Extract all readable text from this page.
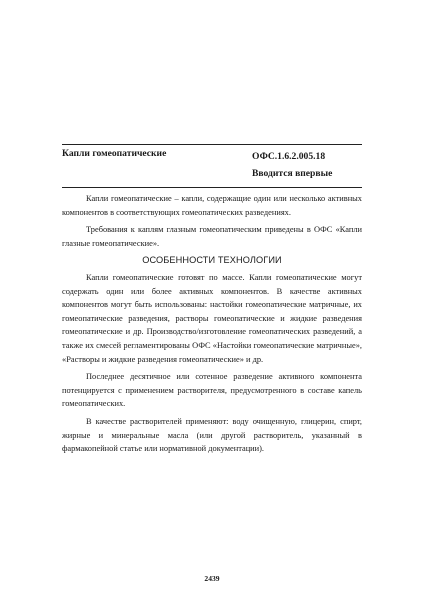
Капли гомеопатические	ОФС.1.6.2.005.18
Вводится впервые

Капли гомеопатические – капли, содержащие один или несколько активных компонентов в соответствующих гомеопатических разведениях.

Требования к каплям глазным гомеопатическим приведены в ОФС «Капли глазные гомеопатические».

ОСОБЕННОСТИ ТЕХНОЛОГИИ

Капли гомеопатические готовят по массе. Капли гомеопатические могут содержать один или более активных компонентов. В качестве активных компонентов могут быть использованы: настойки гомеопатические матричные, их гомеопатические разведения, растворы гомеопатические и жидкие разведения гомеопатические и др. Производство/изготовление гомеопатических разведений, а также их смесей регламентированы ОФС «Настойки гомеопатические матричные», «Растворы и жидкие разведения гомеопатические» и др.

Последнее десятичное или сотенное разведение активного компонента потенцируется с применением растворителя, предусмотренного в составе капель гомеопатических.

В качестве растворителей применяют: воду очищенную, глицерин, спирт, жирные и минеральные масла (или другой растворитель, указанный в фармакопейной статье или нормативной документации).

2439
